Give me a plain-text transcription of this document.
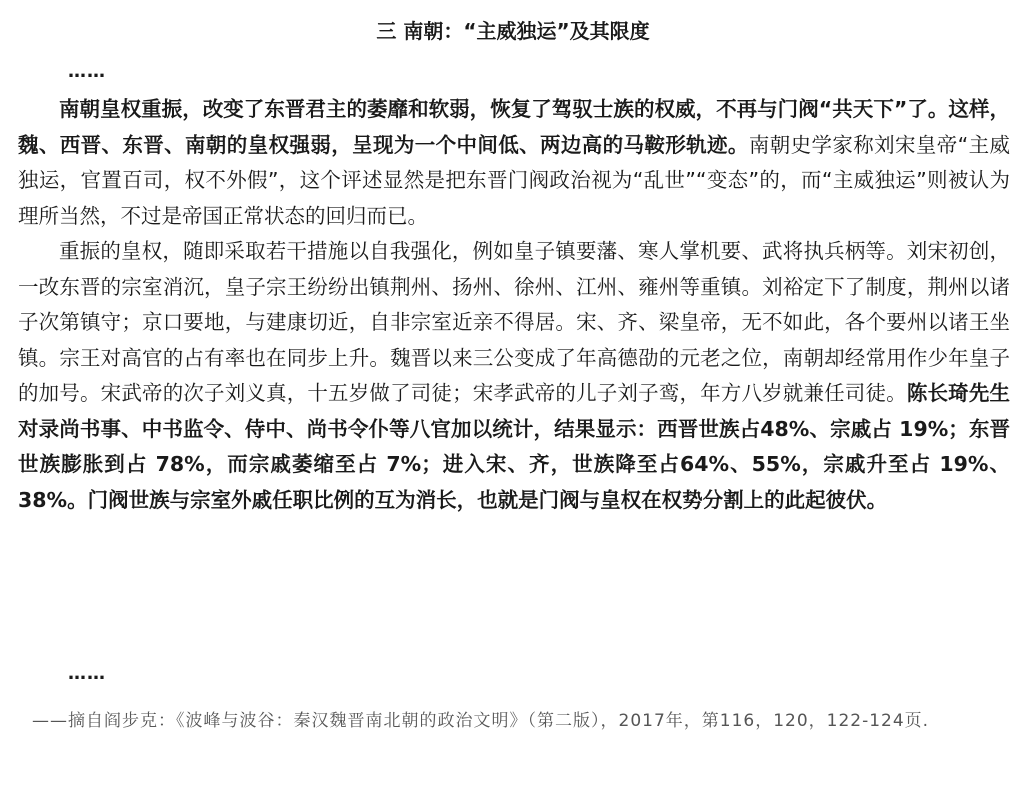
三 南朝：“主威独运”及其限度
……

南朝皇权重振，改变了东晋君主的萎靡和软弱，恢复了驾驭士族的权威，不再与门阀“共天下”了。这样，魏、西晋、东晋、南朝的皇权强弱，呈现为一个中间低、两边高的马鞍形轨迹。南朝史学家称刘宋皇帝“主威独运，官置百司，权不外假”，这个评述显然是把东晋门阀政治视为“乱世”“变态”的，而“主威独运”则被认为理所当然，不过是帝国正常状态的回归而已。

重振的皇权，随即采取若干措施以自我强化，例如皇子镇要藩、寒人掌机要、武将执兵柄等。刘宋初创，一改东晋的宗室消沉，皇子宗王纷纷出镇荆州、扬州、徐州、江州、雍州等重镇。刘裕定下了制度，荆州以诸子次第镇守；京口要地，与建康切近，自非宗室近亲不得居。宋、齐、梁皇帝，无不如此，各个要州以诸王坐镇。宗王对高官的占有率也在同步上升。魏晋以来三公变成了年高德劭的元老之位，南朝却经常用作少年皇子的加号。宋武帝的次子刘义真，十五岁做了司徒；宋孝武帝的儿子刘子鸾，年方八岁就兼任司徒。陈长琦先生对录尚书事、中书监令、侍中、尚书令仆等八官加以统计，结果显示：西晋世族占48%、宗戚占 19%；东晋世族膨胀到占 78%，而宗戚萎缩至占 7%；进入宋、齐，世族降至占64%、55%，宗戚升至占 19%、38%。门阀世族与宗室外戚任职比例的互为消长，也就是门阀与皇权在权势分割上的此起彼伏。

……
——摘自阎步克：《波峰与波谷：秦汉魏晋南北朝的政治文明》（第二版），2017年，第116，120，122-124页.
